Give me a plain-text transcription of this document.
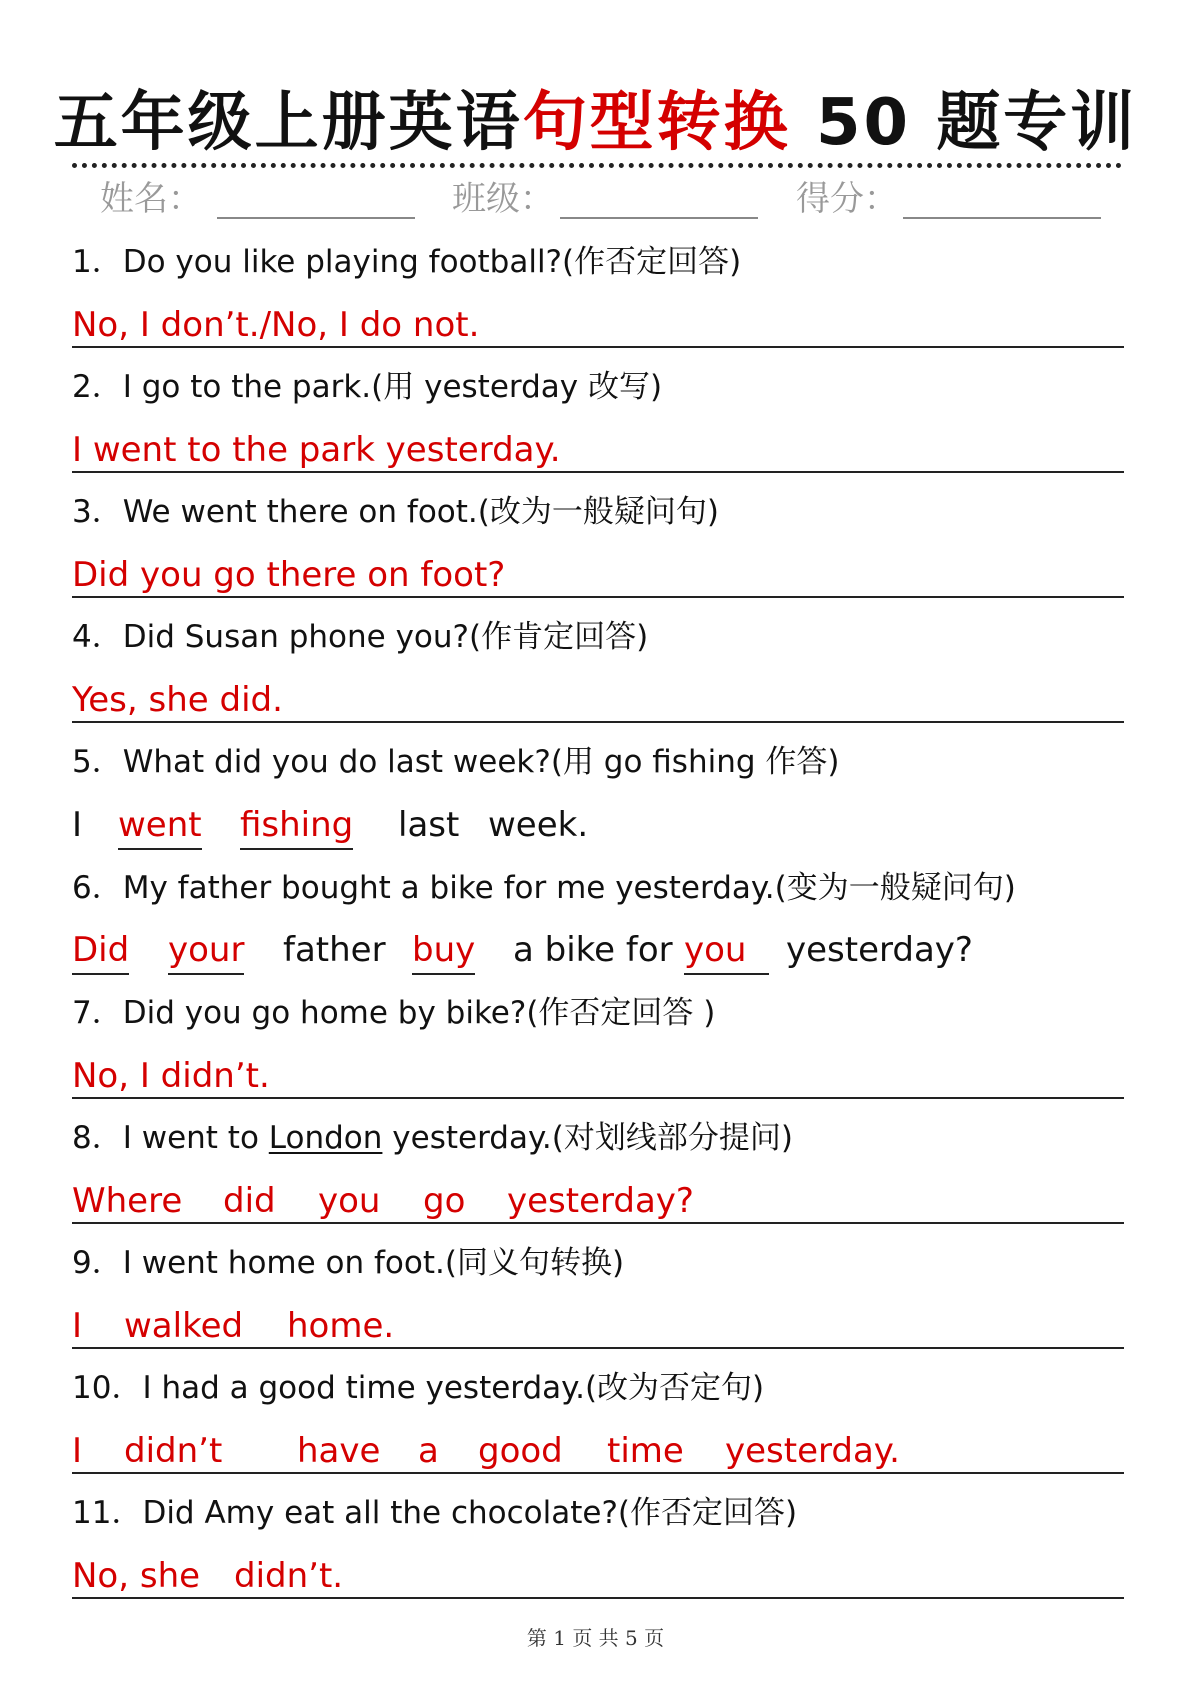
五年级上册英语句型转换 50 题专训
姓名：	班级：	得分：
1．Do you like playing football?(作否定回答)
No, I don’t./No, I do not.
2．I go to the park.(用 yesterday 改写)
I went to the park yesterday.
3．We went there on foot.(改为一般疑问句)
Did you go there on foot?
4．Did Susan phone you?(作肯定回答)
Yes, she did.
5．What did you do last week?(用 go fishing 作答)
I went fishing last week.
6．My father bought a bike for me yesterday.(变为一般疑问句)
Did your father buy a bike for you	yesterday?
7．Did you go home by bike?(作否定回答 )
No, I didn’t.
8．I went to London yesterday.(对划线部分提问)
Where did you go yesterday?
9．I went home on foot.(同义句转换)
I walked home.
10．I had a good time yesterday.(改为否定句)
I didn’t have a good time yesterday.
11．Did Amy eat all the chocolate?(作否定回答)
No, she didn’t.
第 1 页 共 5 页
